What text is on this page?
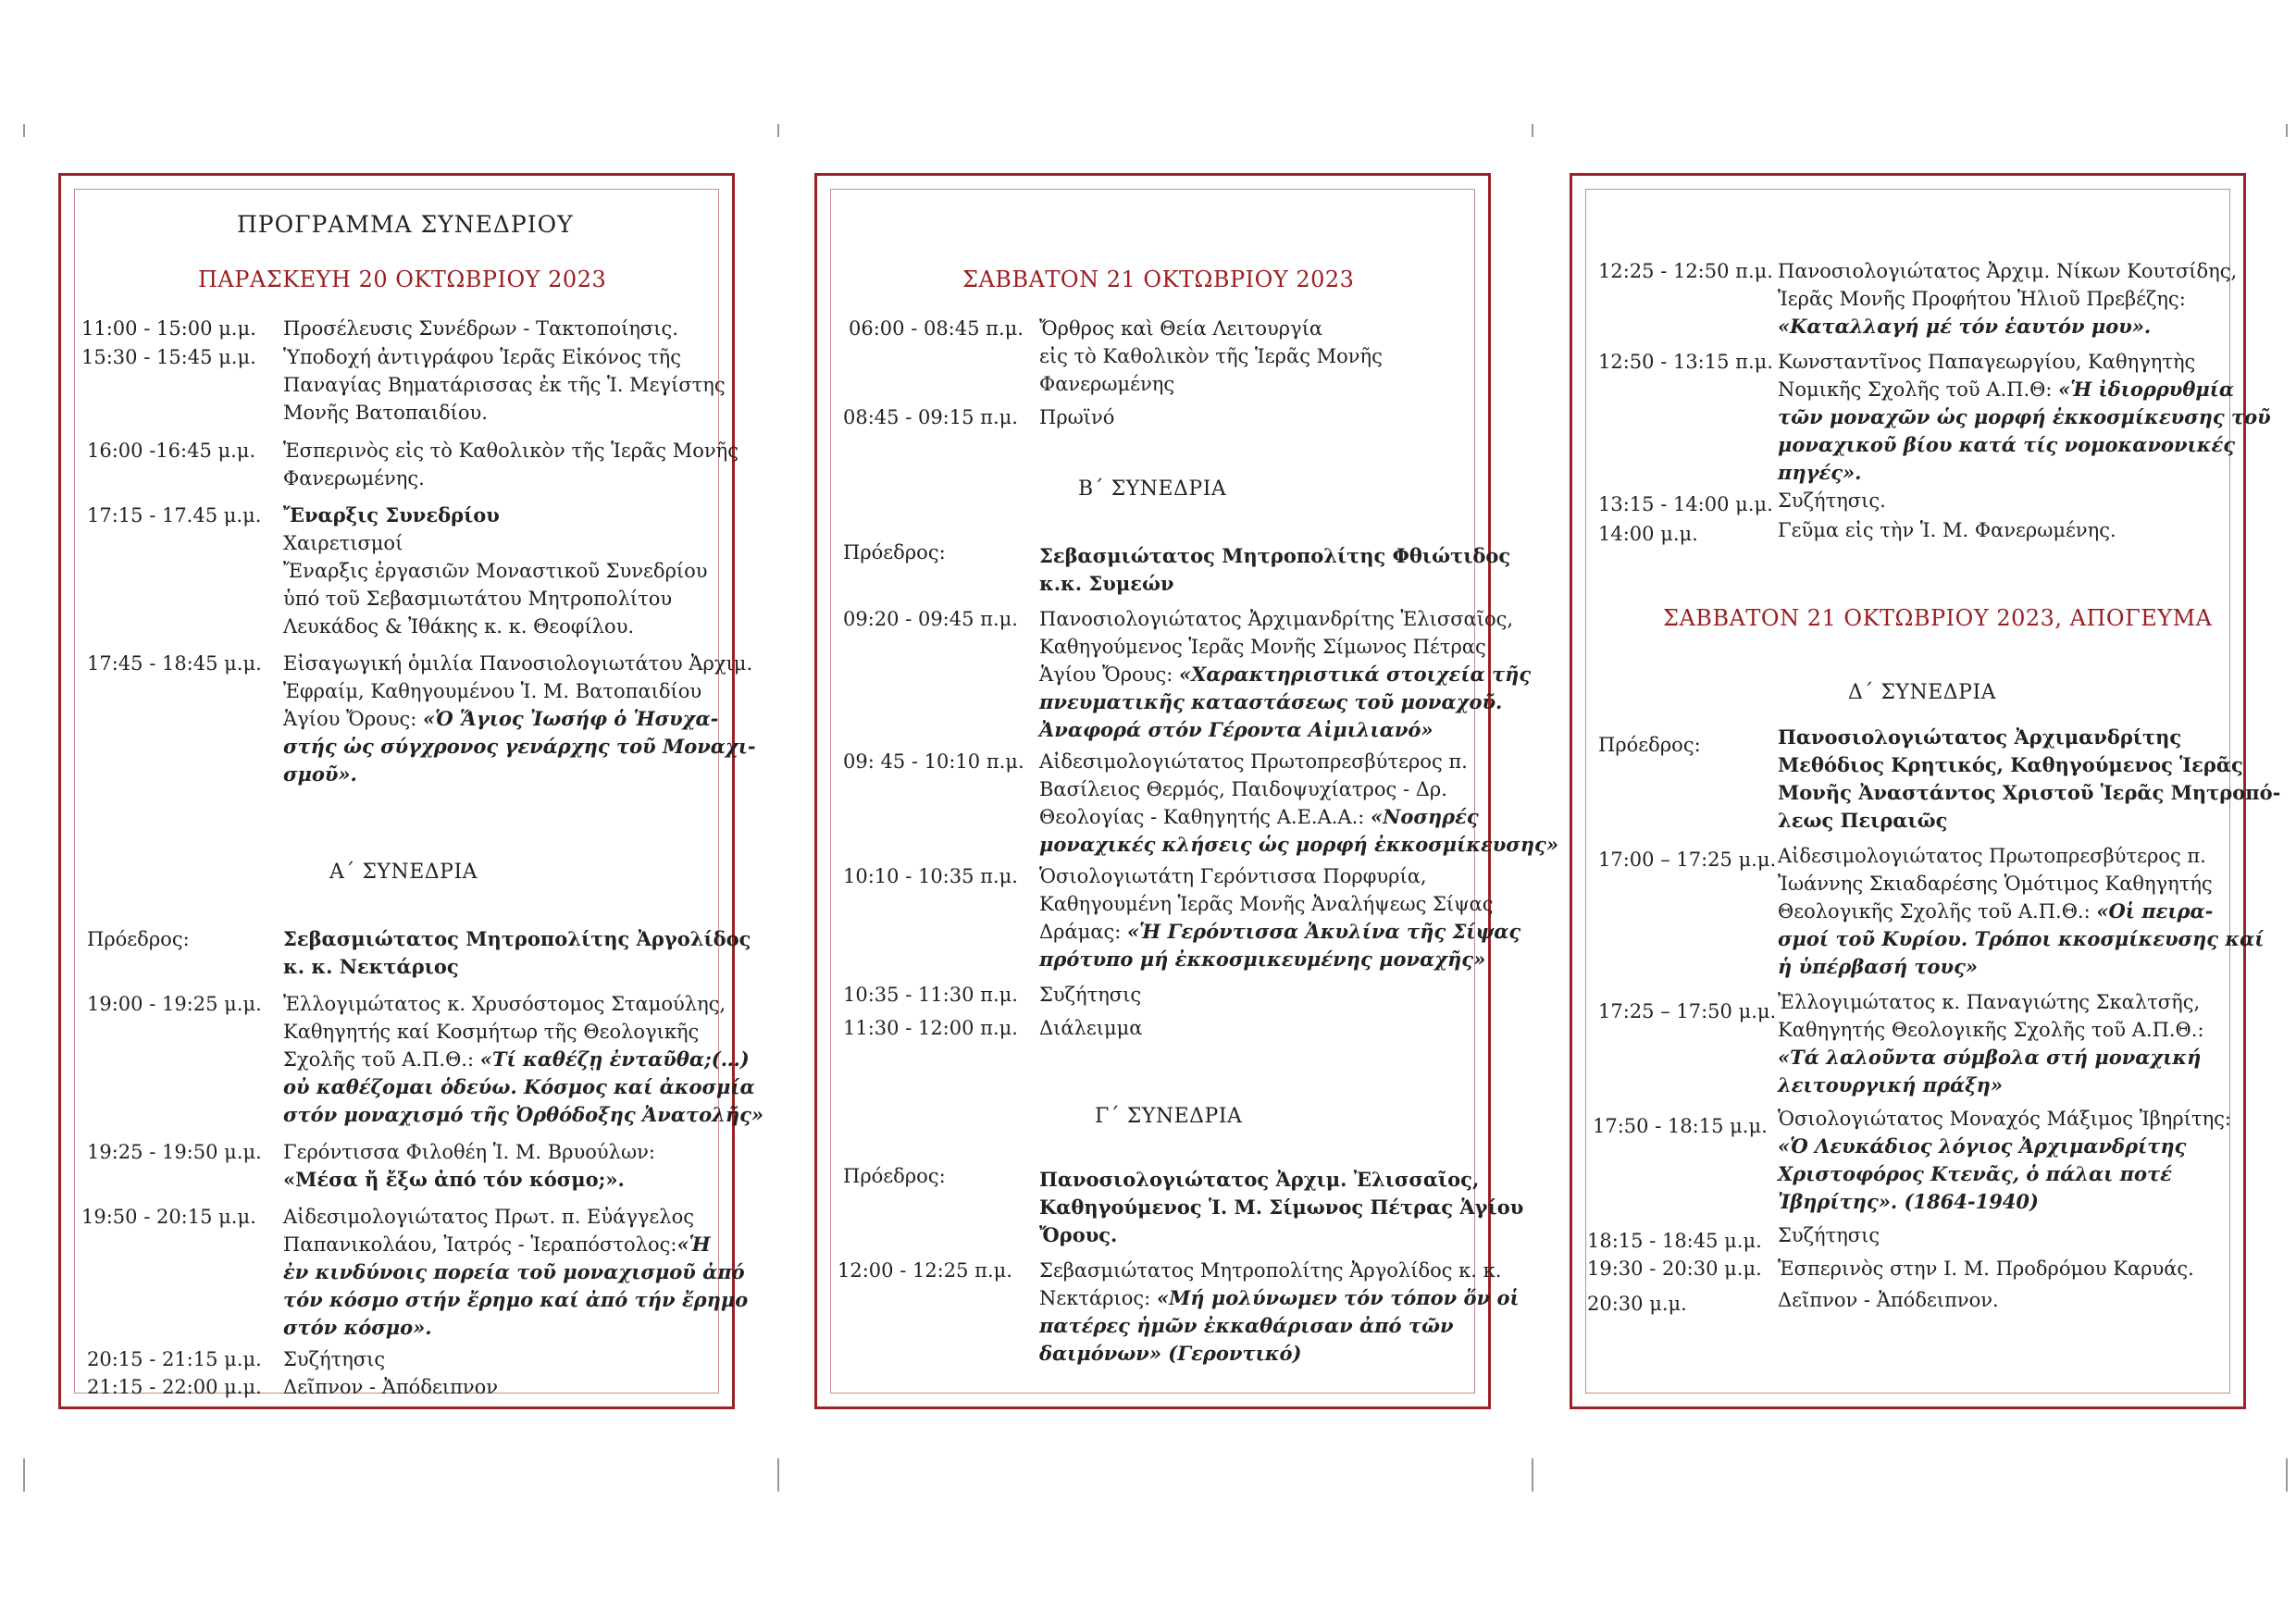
ΠΡΟΓΡΑΜΜΑ ΣΥΝΕΔΡΙΟΥ
ΠΑΡΑΣΚΕΥΗ 20 ΟΚΤΩΒΡΙΟΥ 2023
11:00 - 15:00 μ.μ. Προσέλευσις Συνέδρων - Τακτοποίησις.
15:30 - 15:45 μ.μ. Ὑποδοχή ἀντιγράφου Ἱερᾶς Εἰκόνος τῆς
Παναγίας Βηματάρισσας ἐκ τῆς Ἱ. Μεγίστης
Μονῆς Βατοπαιδίου.
16:00 -16:45 μ.μ. Ἑσπερινὸς εἰς τὸ Καθολικὸν τῆς Ἱερᾶς Μονῆς
Φανερωμένης.
17:15 - 17.45 μ.μ. Ἔναρξις Συνεδρίου
Χαιρετισμοί
Ἔναρξις ἐργασιῶν Μοναστικοῦ Συνεδρίου
ὑπό τοῦ Σεβασμιωτάτου Μητροπολίτου
Λευκάδος & Ἰθάκης κ. κ. Θεοφίλου.
17:45 - 18:45 μ.μ. Εἰσαγωγική ὁμιλία Πανοσιολογιωτάτου Ἀρχιμ.
Ἐφραίμ, Καθηγουμένου Ἱ. Μ. Βατοπαιδίου
Ἁγίου Ὄρους: «Ὁ Ἅγιος Ἰωσήφ ὁ Ἡσυχα-
στής ὡς σύγχρονος γενάρχης τοῦ Μοναχι-
σμοῦ».
Α΄ ΣΥΝΕΔΡΙΑ
Πρόεδρος:	Σεβασμιώτατος Μητροπολίτης Ἀργολίδος
κ. κ. Νεκτάριος
19:00 - 19:25 μ.μ. Ἐλλογιμώτατος κ. Χρυσόστομος Σταμούλης,
Καθηγητής καί Κοσμήτωρ τῆς Θεολογικῆς
Σχολῆς τοῦ Α.Π.Θ.: «Τί καθέζῃ ἐνταῦθα;(…)
οὐ καθέζομαι ὁδεύω. Κόσμος καί ἀκοσμία
στόν μοναχισμό τῆς Ὀρθόδοξης Ἀνατολῆς»
19:25 - 19:50 μ.μ. Γερόντισσα Φιλοθέη Ἱ. Μ. Βρυούλων:
«Μέσα ἤ ἔξω ἀπό τόν κόσμο;».
19:50 - 20:15 μ.μ. Αἰδεσιμολογιώτατος Πρωτ. π. Εὐάγγελος
Παπανικολάου, Ἰατρός - Ἱεραπόστολος:«Ἡ
ἐν κινδύνοις πορεία τοῦ μοναχισμοῦ ἀπό
τόν κόσμο στήν ἔρημο καί ἀπό τήν ἔρημο
στόν κόσμο».
20:15 - 21:15 μ.μ. Συζήτησις
21:15 - 22:00 μ.μ. Δεῖπνον - Ἀπόδειπνον
ΣΑΒΒΑΤΟΝ 21 ΟΚΤΩΒΡΙΟΥ 2023
06:00 - 08:45 π.μ. Ὄρθρος καὶ Θεία Λειτουργία
εἰς τὸ Καθολικὸν τῆς Ἱερᾶς Μονῆς
Φανερωμένης
08:45 - 09:15 π.μ. Πρωϊνό
Β΄ ΣΥΝΕΔΡΙΑ
Πρόεδρος:	Σεβασμιώτατος Μητροπολίτης Φθιώτιδος
κ.κ. Συμεών
09:20 - 09:45 π.μ. Πανοσιολογιώτατος Ἀρχιμανδρίτης Ἐλισσαῖος,
Καθηγούμενος Ἱερᾶς Μονῆς Σίμωνος Πέτρας
Ἁγίου Ὄρους: «Χαρακτηριστικά στοιχεία τῆς
πνευματικῆς καταστάσεως τοῦ μοναχοῦ.
Ἀναφορά στόν Γέροντα Αἰμιλιανό»
09: 45 - 10:10 π.μ. Αἰδεσιμολογιώτατος Πρωτοπρεσβύτερος π.
Βασίλειος Θερμός, Παιδοψυχίατρος - Δρ.
Θεολογίας - Καθηγητής Α.Ε.Α.Α.: «Νοσηρές
μοναχικές κλήσεις ὡς μορφή ἐκκοσμίκευσης»
10:10 - 10:35 π.μ. Ὁσιολογιωτάτη Γερόντισσα Πορφυρία,
Καθηγουμένη Ἱερᾶς Μονῆς Ἀναλήψεως Σίψας
Δράμας: «Ἡ Γερόντισσα Ἀκυλίνα τῆς Σίψας
πρότυπο μή ἐκκοσμικευμένης μοναχῆς»
10:35 - 11:30 π.μ. Συζήτησις
11:30 - 12:00 π.μ. Διάλειμμα
Γ΄ ΣΥΝΕΔΡΙΑ
Πρόεδρος:	Πανοσιολογιώτατος Ἀρχιμ. Ἐλισσαῖος,
Καθηγούμενος Ἱ. Μ. Σίμωνος Πέτρας Ἁγίου
Ὄρους.
12:00 - 12:25 π.μ. Σεβασμιώτατος Μητροπολίτης Ἀργολίδος κ. κ.
Νεκτάριος: «Μή μολύνωμεν τόν τόπον ὅν οἱ
πατέρες ἡμῶν ἐκκαθάρισαν ἀπό τῶν
δαιμόνων» (Γεροντικό)
12:25 - 12:50 π.μ. Πανοσιολογιώτατος Ἀρχιμ. Νίκων Κουτσίδης,
Ἱερᾶς Μονῆς Προφήτου Ἠλιοῦ Πρεβέζης:
«Καταλλαγή μέ τόν ἑαυτόν μου».
12:50 - 13:15 π.μ. Κωνσταντῖνος Παπαγεωργίου, Καθηγητὴς
Νομικῆς Σχολῆς τοῦ Α.Π.Θ: «Ἡ ἰδιορρυθμία
τῶν μοναχῶν ὡς μορφή ἐκκοσμίκευσης τοῦ
μοναχικοῦ βίου κατά τίς νομοκανονικές
πηγές».
13:15 - 14:00 μ.μ. Συζήτησις.
14:00 μ.μ.	Γεῦμα εἰς τὴν Ἱ. Μ. Φανερωμένης.
ΣΑΒΒΑΤΟΝ 21 ΟΚΤΩΒΡΙΟΥ 2023, ΑΠΟΓΕΥΜΑ
Δ΄ ΣΥΝΕΔΡΙΑ
Πρόεδρος:	Πανοσιολογιώτατος Ἀρχιμανδρίτης
Μεθόδιος Κρητικός, Καθηγούμενος Ἱερᾶς
Μονῆς Ἀναστάντος Χριστοῦ Ἱερᾶς Μητροπό-
λεως Πειραιῶς
17:00 – 17:25 μ.μ. Αἰδεσιμολογιώτατος Πρωτοπρεσβύτερος π.
Ἰωάννης Σκιαδαρέσης Ὁμότιμος Καθηγητής
Θεολογικῆς Σχολῆς τοῦ Α.Π.Θ.: «Οἱ πειρα-
σμοί τοῦ Κυρίου. Τρόποι κκοσμίκευσης καί
ἡ ὑπέρβασή τους»
17:25 – 17:50 μ.μ. Ἐλλογιμώτατος κ. Παναγιώτης Σκαλτσῆς,
Καθηγητής Θεολογικῆς Σχολῆς τοῦ Α.Π.Θ.:
«Τά λαλοῦντα σύμβολα στή μοναχική
λειτουργική πράξη»
17:50 - 18:15 μ.μ. Ὁσιολογιώτατος Μοναχός Μάξιμος Ἰβηρίτης:
«Ὁ Λευκάδιος λόγιος Ἀρχιμανδρίτης
Χριστοφόρος Κτενᾶς, ὁ πάλαι ποτέ
Ἰβηρίτης». (1864-1940)
18:15 - 18:45 μ.μ. Συζήτησις
19:30 - 20:30 μ.μ. Ἑσπερινὸς στην Ι. Μ. Προδρόμου Καρυάς.
20:30 μ.μ.	Δεῖπνον - Ἀπόδειπνον.
